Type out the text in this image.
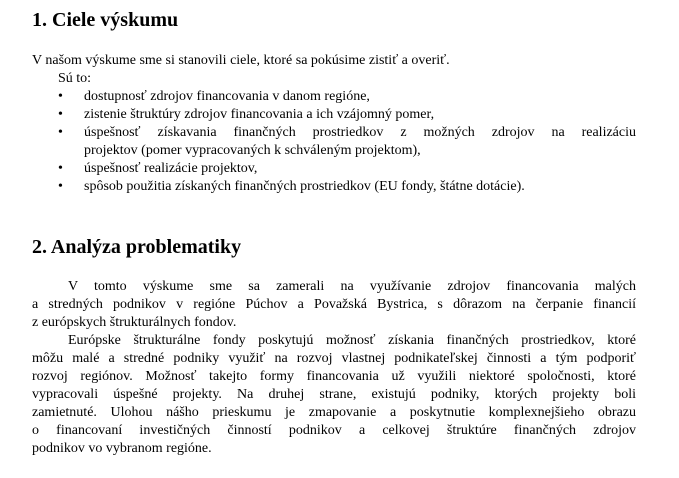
1. Ciele výskumu
V našom výskume sme si stanovili ciele, ktoré sa pokúsime zistiť a overiť.
Sú to:
•
dostupnosť zdrojov financovania v danom regióne,
•
zistenie štruktúry zdrojov financovania a ich vzájomný pomer,
•
úspešnosť získavania finančných prostriedkov z možných zdrojov na realizáciu
projektov (pomer vypracovaných k schváleným projektom),
•
úspešnosť realizácie projektov,
•
spôsob použitia získaných finančných prostriedkov (EU fondy, štátne dotácie).
2. Analýza problematiky
V tomto výskume sme sa zamerali na využívanie zdrojov financovania malých
a stredných podnikov v regióne Púchov a Považská Bystrica, s dôrazom na čerpanie financií
z európskych štrukturálnych fondov.
Európske štrukturálne fondy poskytujú možnosť získania finančných prostriedkov, ktoré
môžu malé a stredné podniky využiť na rozvoj vlastnej podnikateľskej činnosti a tým podporiť
rozvoj regiónov. Možnosť takejto formy financovania už využili niektoré spoločnosti, ktoré
vypracovali úspešné projekty. Na druhej strane, existujú podniky, ktorých projekty boli
zamietnuté. Ulohou nášho prieskumu je zmapovanie a poskytnutie komplexnejšieho obrazu
o financovaní investičných činností podnikov a celkovej štruktúre finančných zdrojov
podnikov vo vybranom regióne.
